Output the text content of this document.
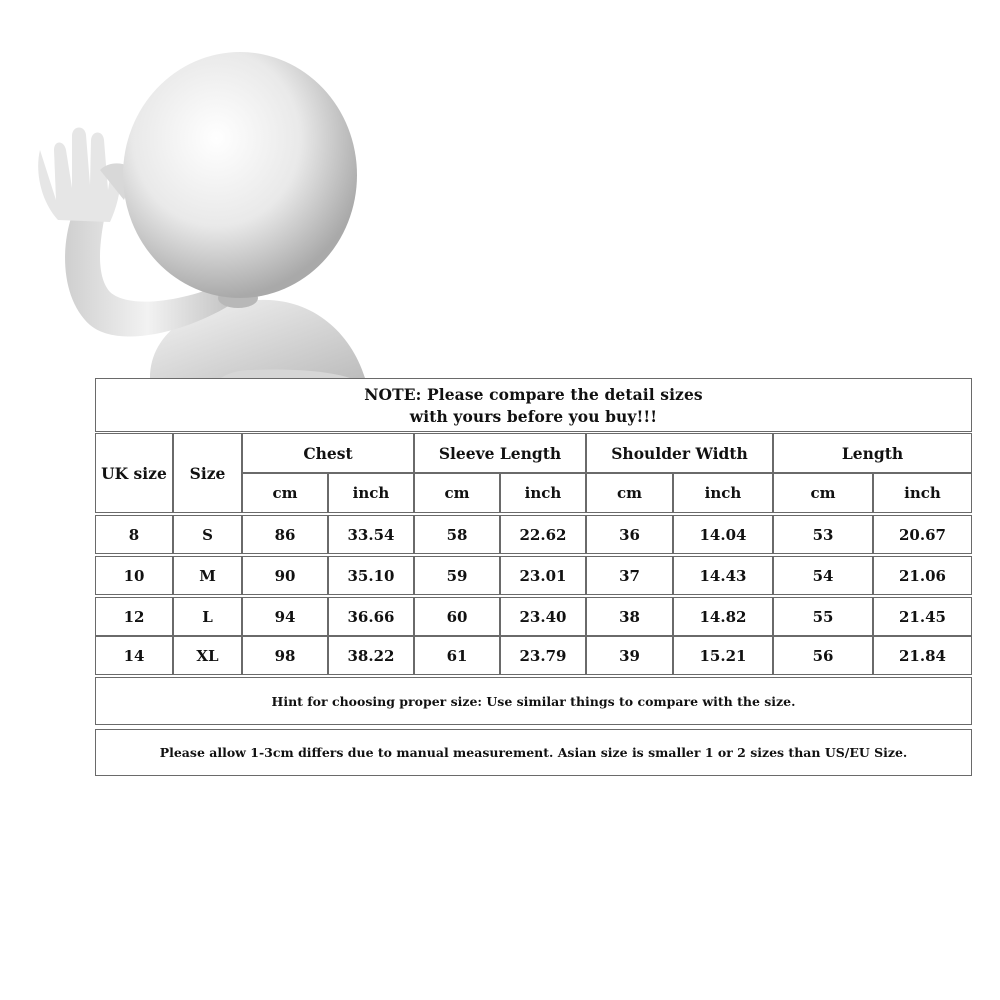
NOTE: Please compare the detail sizes
with yours before you buy!!!
UK size	Size
Chest	Sleeve Length	Shoulder Width	Length
cm	inch	cm	inch	cm	inch	cm	inch
8	S	86	33.54	58	22.62	36	14.04	53	20.67
10	M	90	35.10	59	23.01	37	14.43	54	21.06
12	L	94	36.66	60	23.40	38	14.82	55	21.45
14	XL	98	38.22	61	23.79	39	15.21	56	21.84
Hint for choosing proper size: Use similar things to compare with the size.
Please allow 1-3cm differs due to manual measurement. Asian size is smaller 1 or 2 sizes than US/EU Size.
